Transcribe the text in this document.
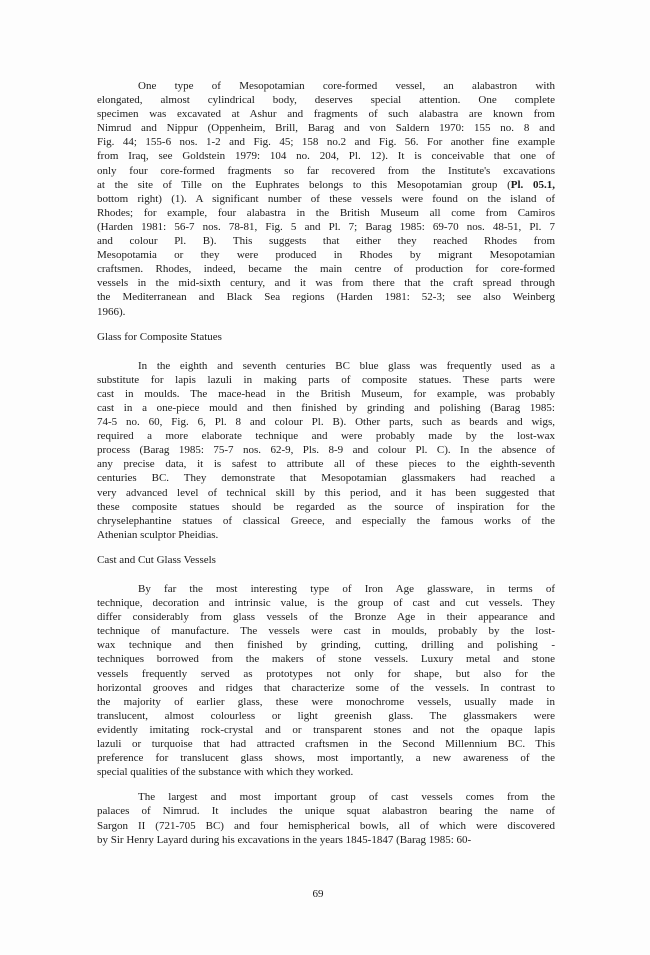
One type of Mesopotamian core-formed vessel, an alabastron with
elongated, almost cylindrical body, deserves special attention. One complete
specimen was excavated at Ashur and fragments of such alabastra are known from
Nimrud and Nippur (Oppenheim, Brill, Barag and von Saldern 1970: 155 no. 8 and
Fig. 44; 155-6 nos. 1-2 and Fig. 45; 158 no.2 and Fig. 56. For another fine example
from Iraq, see Goldstein 1979: 104 no. 204, Pl. 12). It is conceivable that one of
only four core-formed fragments so far recovered from the Institute's excavations
at the site of Tille on the Euphrates belongs to this Mesopotamian group (Pl. 05.1,
bottom right) (1). A significant number of these vessels were found on the island of
Rhodes; for example, four alabastra in the British Museum all come from Camiros
(Harden 1981: 56-7 nos. 78-81, Fig. 5 and Pl. 7; Barag 1985: 69-70 nos. 48-51, Pl. 7
and colour Pl. B). This suggests that either they reached Rhodes from
Mesopotamia or they were produced in Rhodes by migrant Mesopotamian
craftsmen. Rhodes, indeed, became the main centre of production for core-formed
vessels in the mid-sixth century, and it was from there that the craft spread through
the Mediterranean and Black Sea regions (Harden 1981: 52-3; see also Weinberg
1966).
Glass for Composite Statues
In the eighth and seventh centuries BC blue glass was frequently used as a
substitute for lapis lazuli in making parts of composite statues. These parts were
cast in moulds. The mace-head in the British Museum, for example, was probably
cast in a one-piece mould and then finished by grinding and polishing (Barag 1985:
74-5 no. 60, Fig. 6, Pl. 8 and colour Pl. B). Other parts, such as beards and wigs,
required a more elaborate technique and were probably made by the lost-wax
process (Barag 1985: 75-7 nos. 62-9, Pls. 8-9 and colour Pl. C). In the absence of
any precise data, it is safest to attribute all of these pieces to the eighth-seventh
centuries BC. They demonstrate that Mesopotamian glassmakers had reached a
very advanced level of technical skill by this period, and it has been suggested that
these composite statues should be regarded as the source of inspiration for the
chryselephantine statues of classical Greece, and especially the famous works of the
Athenian sculptor Pheidias.
Cast and Cut Glass Vessels
By far the most interesting type of Iron Age glassware, in terms of
technique, decoration and intrinsic value, is the group of cast and cut vessels. They
differ considerably from glass vessels of the Bronze Age in their appearance and
technique of manufacture. The vessels were cast in moulds, probably by the lost-
wax technique and then finished by grinding, cutting, drilling and polishing -
techniques borrowed from the makers of stone vessels. Luxury metal and stone
vessels frequently served as prototypes not only for shape, but also for the
horizontal grooves and ridges that characterize some of the vessels. In contrast to
the majority of earlier glass, these were monochrome vessels, usually made in
translucent, almost colourless or light greenish glass. The glassmakers were
evidently imitating rock-crystal and or transparent stones and not the opaque lapis
lazuli or turquoise that had attracted craftsmen in the Second Millennium BC. This
preference for translucent glass shows, most importantly, a new awareness of the
special qualities of the substance with which they worked.
The largest and most important group of cast vessels comes from the
palaces of Nimrud. It includes the unique squat alabastron bearing the name of
Sargon II (721-705 BC) and four hemispherical bowls, all of which were discovered
by Sir Henry Layard during his excavations in the years 1845-1847 (Barag 1985: 60-
69
